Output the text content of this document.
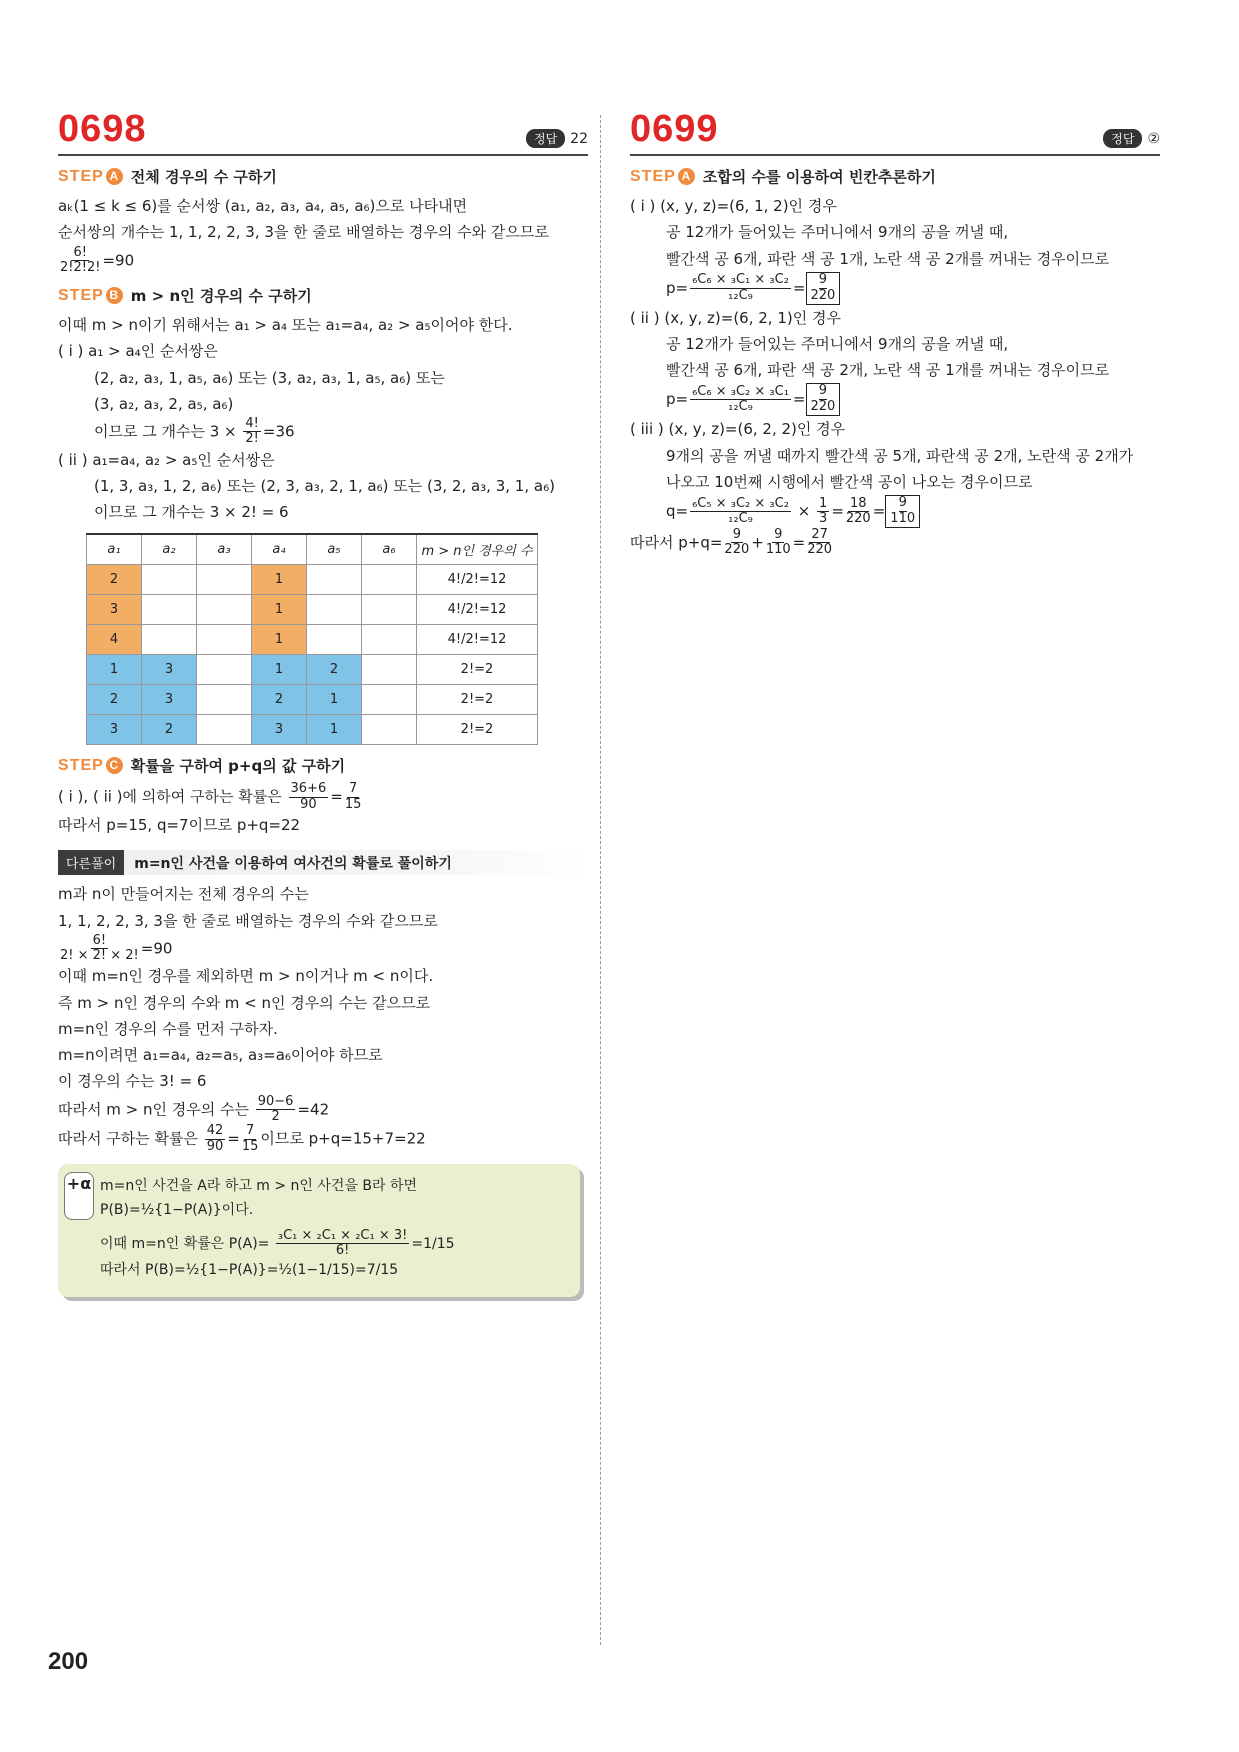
0698	정답 22
STEP A 전체 경우의 수 구하기
aₖ(1 ≤ k ≤ 6)를 순서쌍 (a₁, a₂, a₃, a₄, a₅, a₆)으로 나타내면
순서쌍의 개수는 1, 1, 2, 2, 3, 3을 한 줄로 배열하는 경우의 수와 같으므로
$\frac{6!}{2!2!2!} =90$
STEP B m > n인 경우의 수 구하기
이때 m > n이기 위해서는 a₁ > a₄ 또는 a₁=a₄, a₂ > a₅이어야 한다.
( i ) a₁ > a₄인 순서쌍은
(2, a₂, a₃, 1, a₅, a₆) 또는 (3, a₂, a₃, 1, a₅, a₆) 또는
(3, a₂, a₃, 2, a₅, a₆)
이므로 그 개수는 $3 \times \frac{4!}{2!} =36$
( ii ) a₁=a₄, a₂ > a₅인 순서쌍은
(1, 3, a₃, 1, 2, a₆) 또는 (2, 3, a₃, 2, 1, a₆) 또는 (3, 2, a₃, 3, 1, a₆)
이므로 그 개수는 3 × 2! = 6
a₁	a₂	a₃	a₄	a₅	a₆	m > n인 경우의 수
2			1			4!/2!=12
3			1			4!/2!=12
4			1			4!/2!=12
1	3		1	2		2!=2
2	3		2	1		2!=2
3	2		3	1		2!=2
STEP C 확률을 구하여 p+q의 값 구하기
( i ), ( ii )에 의하여 구하는 확률은 $\frac{36+6}{90} = \frac{7}{15}$
따라서 p=15, q=7이므로 p+q=22
다른풀이	m=n인 사건을 이용하여 여사건의 확률로 풀이하기
m과 n이 만들어지는 전체 경우의 수는
1, 1, 2, 2, 3, 3을 한 줄로 배열하는 경우의 수와 같으므로
$\frac{6!}{2! \times 2! \times 2!} =90$
이때 m=n인 경우를 제외하면 m > n이거나 m < n이다.
즉 m > n인 경우의 수와 m < n인 경우의 수는 같으므로
m=n인 경우의 수를 먼저 구하자.
m=n이려면 a₁=a₄, a₂=a₅, a₃=a₆이어야 하므로
이 경우의 수는 3! = 6
따라서 m > n인 경우의 수는 $\frac{90-6}{2} =42$
따라서 구하는 확률은 $\frac{42}{90} = \frac{7}{15}$ 이므로 p+q=15+7=22
+α m=n인 사건을 A라 하고 m > n인 사건을 B라 하면
P(B)=½{1−P(A)}이다.
이때 m=n인 확률은 $P(A)= \frac{\text{₃C₁ × ₂C₁ × ₂C₁ × 3!}}{6!} =1/15$
따라서 P(B)=½{1−P(A)}=½(1−1/15)=7/15
0699	정답 ②
STEP A 조합의 수를 이용하여 빈칸추론하기
( i ) (x, y, z)=(6, 1, 2)인 경우
공 12개가 들어있는 주머니에서 9개의 공을 꺼낼 때,
빨간색 공 6개, 파란 색 공 1개, 노란 색 공 2개를 꺼내는 경우이므로
$p= \frac{\text{₆C₆ × ₃C₁ × ₃C₂}}{\text{₁₂C₉}} = \frac{9}{220}$
( ii ) (x, y, z)=(6, 2, 1)인 경우
공 12개가 들어있는 주머니에서 9개의 공을 꺼낼 때,
빨간색 공 6개, 파란 색 공 2개, 노란 색 공 1개를 꺼내는 경우이므로
$p= \frac{\text{₆C₆ × ₃C₂ × ₃C₁}}{\text{₁₂C₉}} = \frac{9}{220}$
( iii ) (x, y, z)=(6, 2, 2)인 경우
9개의 공을 꺼낼 때까지 빨간색 공 5개, 파란색 공 2개, 노란색 공 2개가
나오고 10번째 시행에서 빨간색 공이 나오는 경우이므로
$q= \frac{\text{₆C₅ × ₃C₂ × ₃C₂}}{\text{₁₂C₉}} \times \frac{1}{3} = \frac{18}{220} = \frac{9}{110}$
따라서 $p+q= \frac{9}{220} + \frac{9}{110} = \frac{27}{220}$
200
